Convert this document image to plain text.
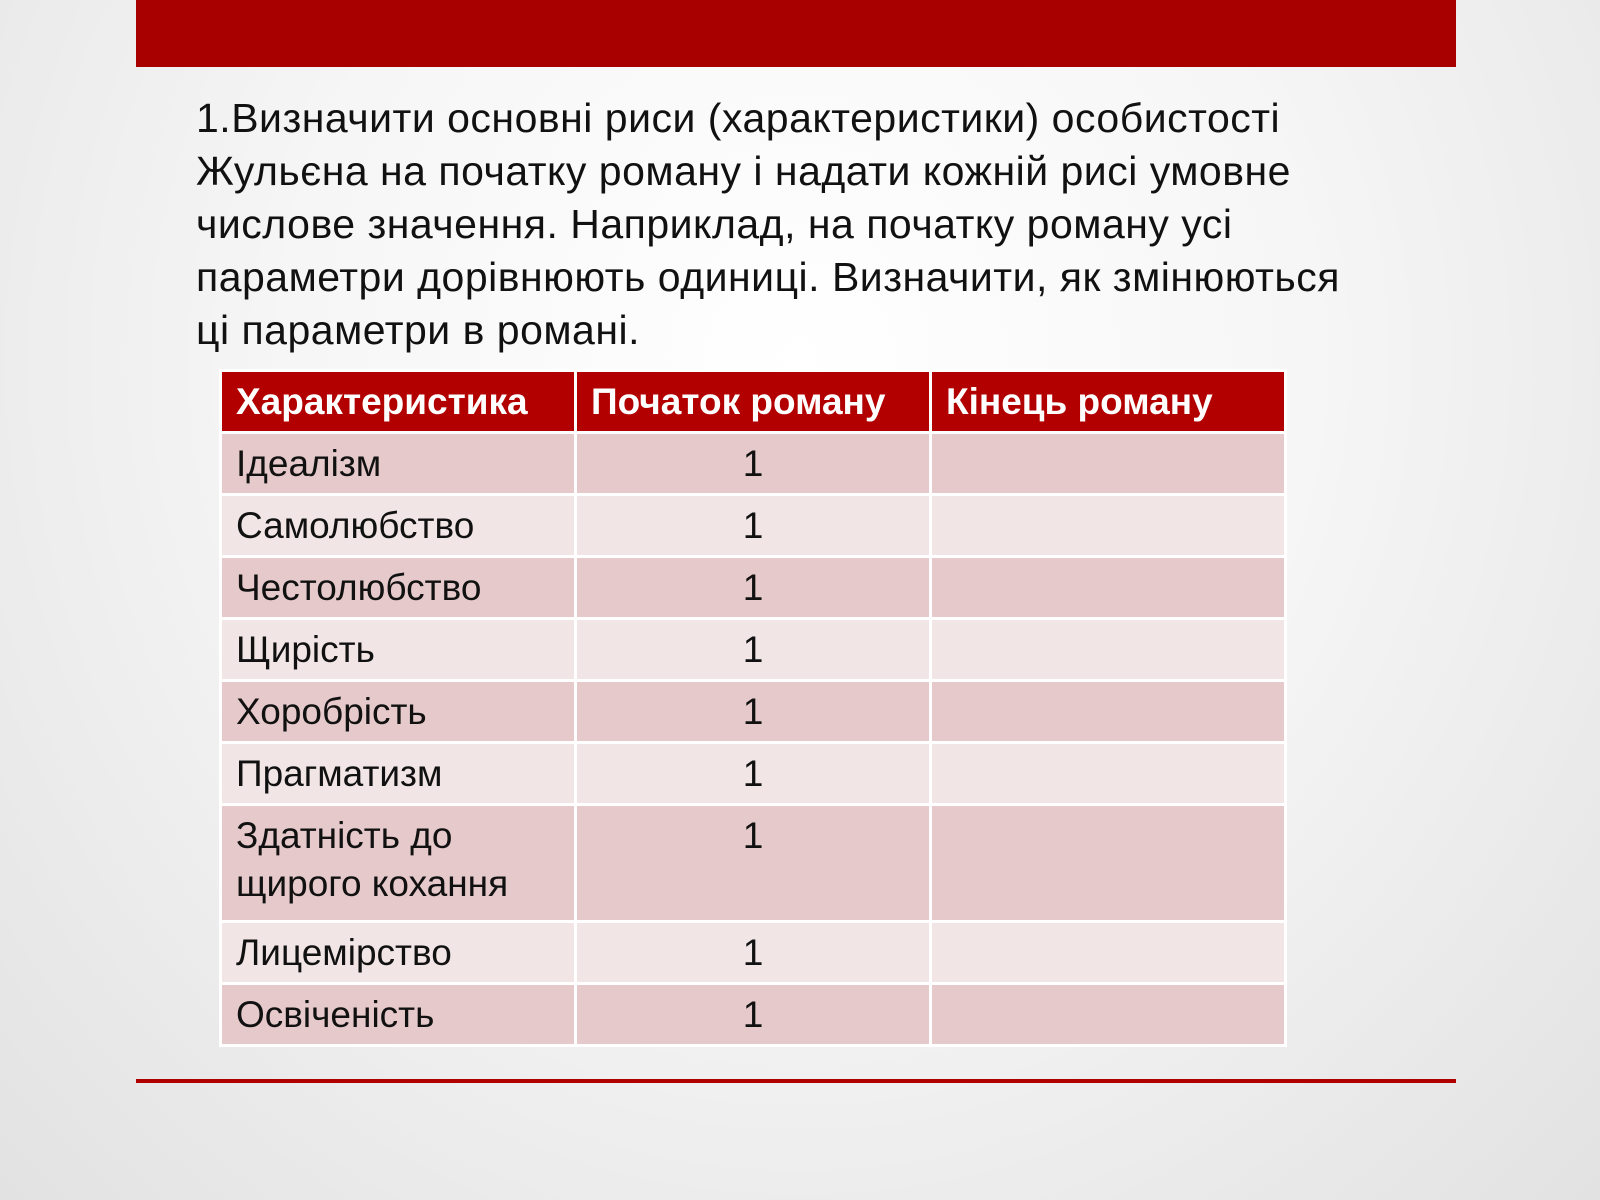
1.Визначити основні риси (характеристики) особистості Жульєна на початку роману і надати кожній рисі умовне числове значення. Наприклад, на початку роману усі параметри дорівнюють одиниці. Визначити, як змінюються ці параметри в романі.

Характеристика	Початок роману	Кінець роману
Ідеалізм	1	
Самолюбство	1	
Честолюбство	1	
Щирість	1	
Хоробрість	1	
Прагматизм	1	
Здатність до щирого кохання	1	
Лицемірство	1	
Освіченість	1	
